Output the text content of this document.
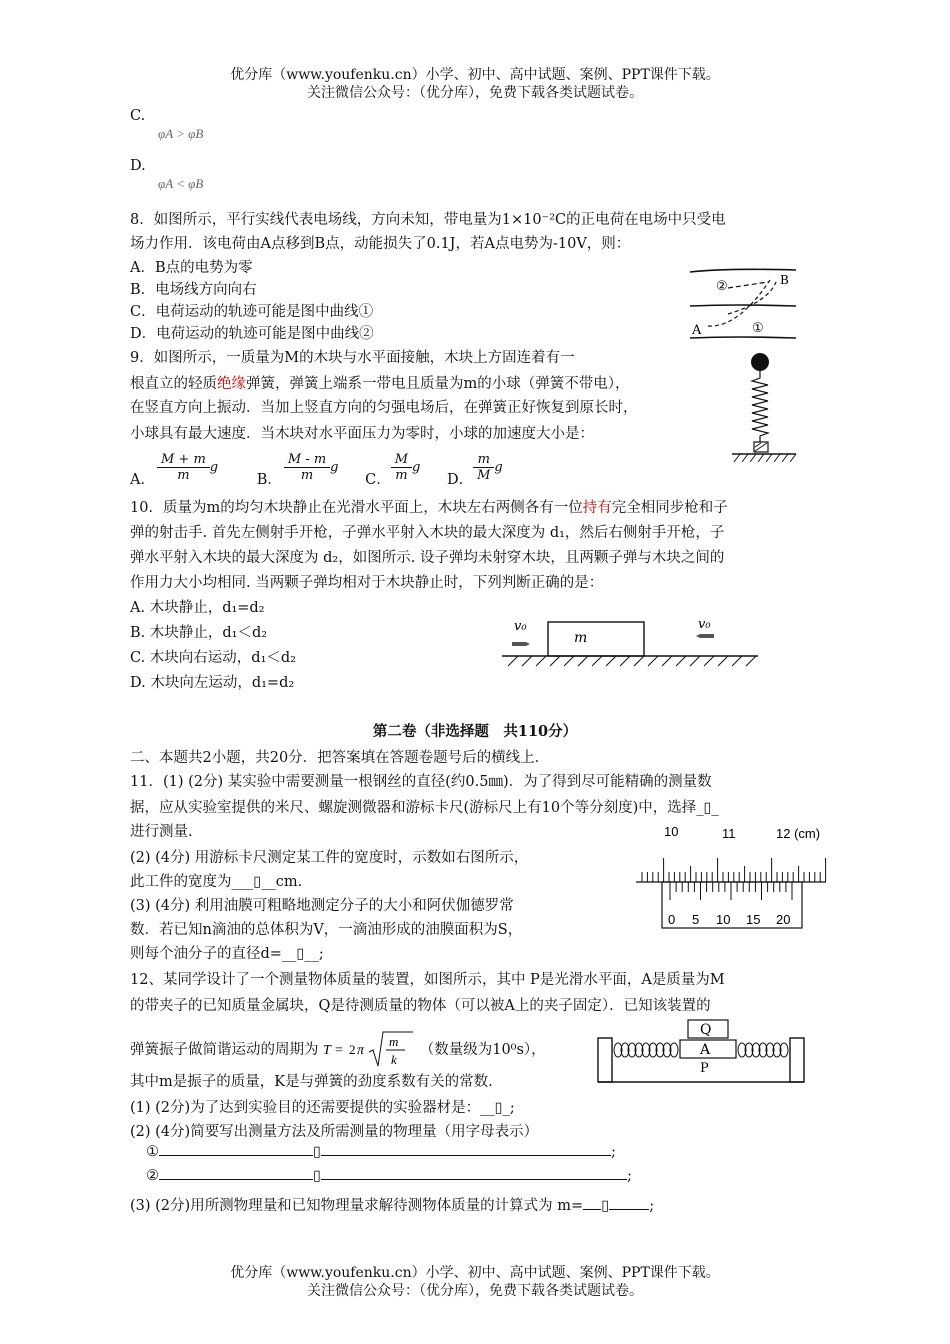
优分库（www.youfenku.cn）小学、初中、高中试题、案例、PPT课件下载。
关注微信公众号：（优分库），免费下载各类试题试卷。
C.
φA > φB
D.
φA < φB
8．如图所示，平行实线代表电场线，方向未知，带电量为1×10⁻²C的正电荷在电场中只受电
场力作用．该电荷由A点移到B点，动能损失了0.1J，若A点电势为-10V，则：
A．B点的电势为零
B．电场线方向向右
C．电荷运动的轨迹可能是图中曲线①
D．电荷运动的轨迹可能是图中曲线②
②
①
A
B
9．如图所示，一质量为M的木块与水平面接触，木块上方固连着有一
根直立的轻质绝缘弹簧，弹簧上端系一带电且质量为m的小球（弹簧不带电），
在竖直方向上振动．当加上竖直方向的匀强电场后，在弹簧正好恢复到原长时，
小球具有最大速度．当木块对水平面压力为零时，小球的加速度大小是：
A． $\frac{M + m}{m}$ g B． $\frac{M - m}{m}$ g C． $\frac{M}{m}$ g D． $\frac{m}{M}$ g
10．质量为m的均匀木块静止在光滑水平面上，木块左右两侧各有一位持有完全相同步枪和子
弹的射击手. 首先左侧射手开枪，子弹水平射入木块的最大深度为 d₁，然后右侧射手开枪，子
弹水平射入木块的最大深度为 d₂，如图所示. 设子弹均未射穿木块，且两颗子弹与木块之间的
作用力大小均相同. 当两颗子弹均相对于木块静止时，下列判断正确的是：
A. 木块静止，d₁=d₂
B. 木块静止，d₁＜d₂
C. 木块向右运动，d₁＜d₂
D. 木块向左运动，d₁=d₂
v₀	v₀
m
第二卷（非选择题　共110分）
二、本题共2小题，共20分．把答案填在答题卷题号后的横线上．
11．(1) (2分) 某实验中需要测量一根钢丝的直径(约0.5㎜)．为了得到尽可能精确的测量数
据，应从实验室提供的米尺、螺旋测微器和游标卡尺(游标尺上有10个等分刻度)中，选择_▯_
进行测量.
(2) (4分) 用游标卡尺测定某工件的宽度时，示数如右图所示，
此工件的宽度为___▯__cm.
(3) (4分) 利用油膜可粗略地测定分子的大小和阿伏伽德罗常
数．若已知n滴油的总体积为V，一滴油形成的油膜面积为S，
则每个油分子的直径d=__▯__;
10	11	12 (cm)
0 5 10 15 20
12、某同学设计了一个测量物体质量的装置，如图所示，其中 P是光滑水平面，A是质量为M
的带夹子的已知质量金属块，Q是待测质量的物体（可以被A上的夹子固定）．已知该装置的
弹簧振子做简谐运动的周期为 T = 2 π
m
k
（数量级为10⁰s），
其中m是振子的质量，K是与弹簧的劲度系数有关的常数.
(1) (2分)为了达到实验目的还需要提供的实验器材是：__▯_;
(2) (4分)简要写出测量方法及所需测量的物理量（用字母表示）
①	▯	;
②	▯	;
(3) (2分)用所测物理量和已知物理量求解待测物体质量的计算式为 m= ▯	;
Q
A
P
优分库（www.youfenku.cn）小学、初中、高中试题、案例、PPT课件下载。
关注微信公众号：（优分库），免费下载各类试题试卷。
